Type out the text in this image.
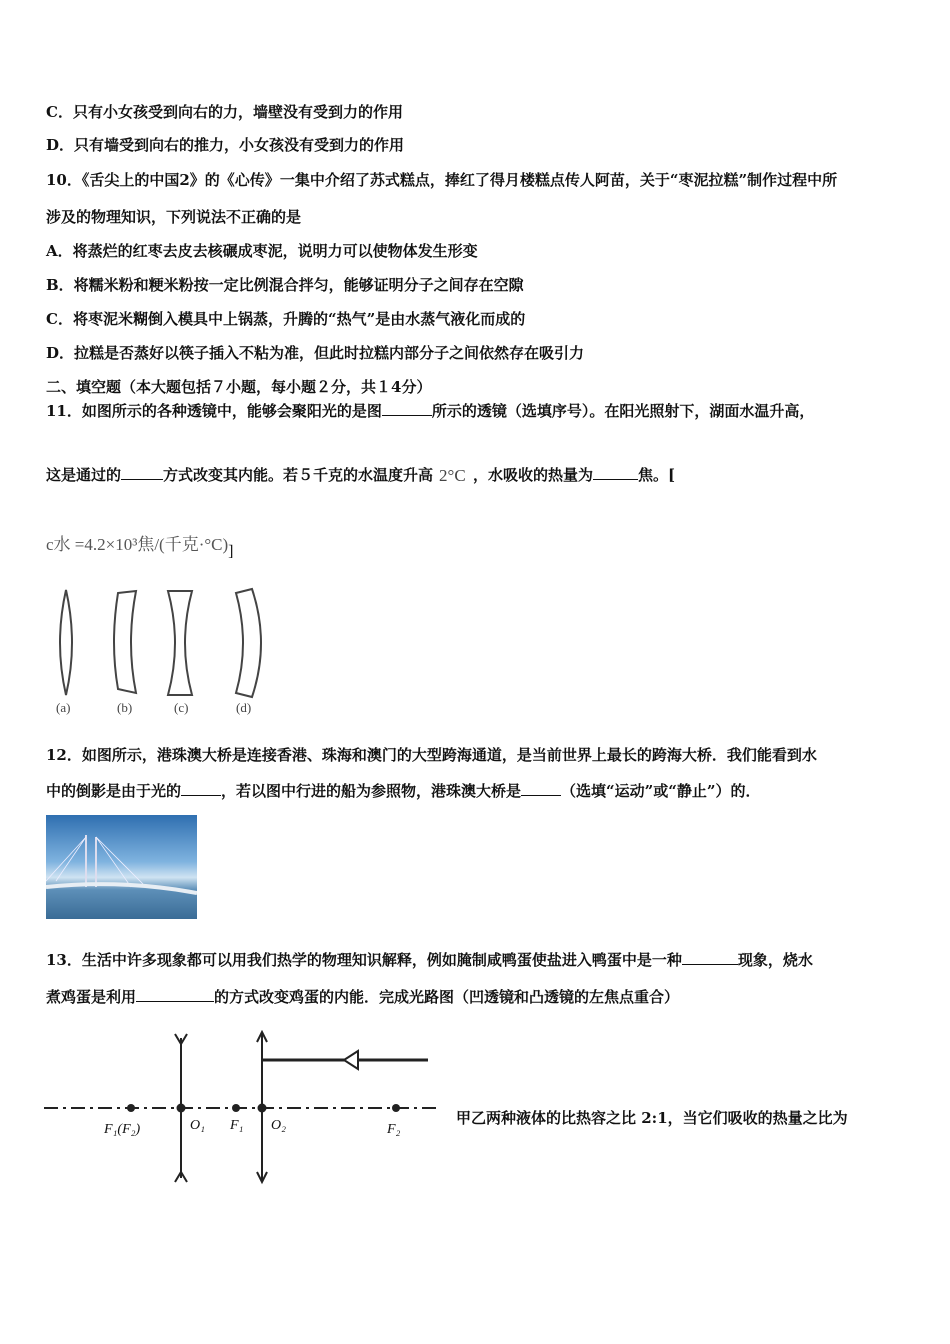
C．只有小女孩受到向右的力，墙壁没有受到力的作用
D．只有墙受到向右的推力，小女孩没有受到力的作用
10．《舌尖上的中国2》的《心传》一集中介绍了苏式糕点，捧红了得月楼糕点传人阿苗，关于“枣泥拉糕”制作过程中所
涉及的物理知识，下列说法不正确的是
A．将蒸烂的红枣去皮去核碾成枣泥，说明力可以使物体发生形变
B．将糯米粉和粳米粉按一定比例混合拌匀，能够证明分子之间存在空隙
C．将枣泥米糊倒入模具中上锅蒸，升腾的“热气”是由水蒸气液化而成的
D．拉糕是否蒸好以筷子插入不粘为准，但此时拉糕内部分子之间依然存在吸引力
二、填空题（本大题包括７小题，每小题２分，共１4分）
11．如图所示的各种透镜中，能够会聚阳光的是图	所示的透镜（选填序号）。在阳光照射下，湖面水温升高，
这是通过的	方式改变其内能。若５千克的水温度升高 2°C ，水吸收的热量为	焦。[
c水 =4.2×10³焦/(千克·°C)]
(a)	(b)	(c)	(d)
12．如图所示，港珠澳大桥是连接香港、珠海和澳门的大型跨海通道，是当前世界上最长的跨海大桥．我们能看到水
中的倒影是由于光的	，若以图中行进的船为参照物，港珠澳大桥是	（选填“运动”或“静止”）的．
13．生活中许多现象都可以用我们热学的物理知识解释，例如腌制咸鸭蛋使盐进入鸭蛋中是一种	现象，烧水
煮鸡蛋是利用	的方式改变鸡蛋的内能．完成光路图（凹透镜和凸透镜的左焦点重合）
F₁(F₂)	O₁ F₁ O₂	F₂
甲乙两种液体的比热容之比 2:1，当它们吸收的热量之比为
